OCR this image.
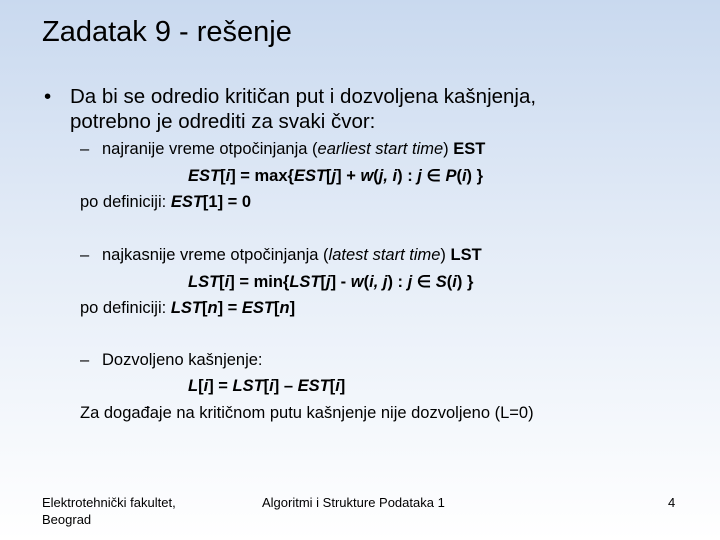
Zadatak 9 - rešenje
• Da bi se odredio kritičan put i dozvoljena kašnjenja,
potrebno je odrediti za svaki čvor:
– najranije vreme otpočinjanja (earliest start time) EST
EST[i] = max{EST[j] + w(j, i) : j ∈ P(i) }
po definiciji: EST[1] = 0
– najkasnije vreme otpočinjanja (latest start time) LST
LST[i] = min{LST[j] - w(i, j) : j ∈ S(i) }
po definiciji: LST[n] = EST[n]
– Dozvoljeno kašnjenje:
L[i] = LST[i] – EST[i]
Za događaje na kritičnom putu kašnjenje nije dozvoljeno (L=0)
Elektrotehnički fakultet,
Beograd
Algoritmi i Strukture Podataka 1	4
